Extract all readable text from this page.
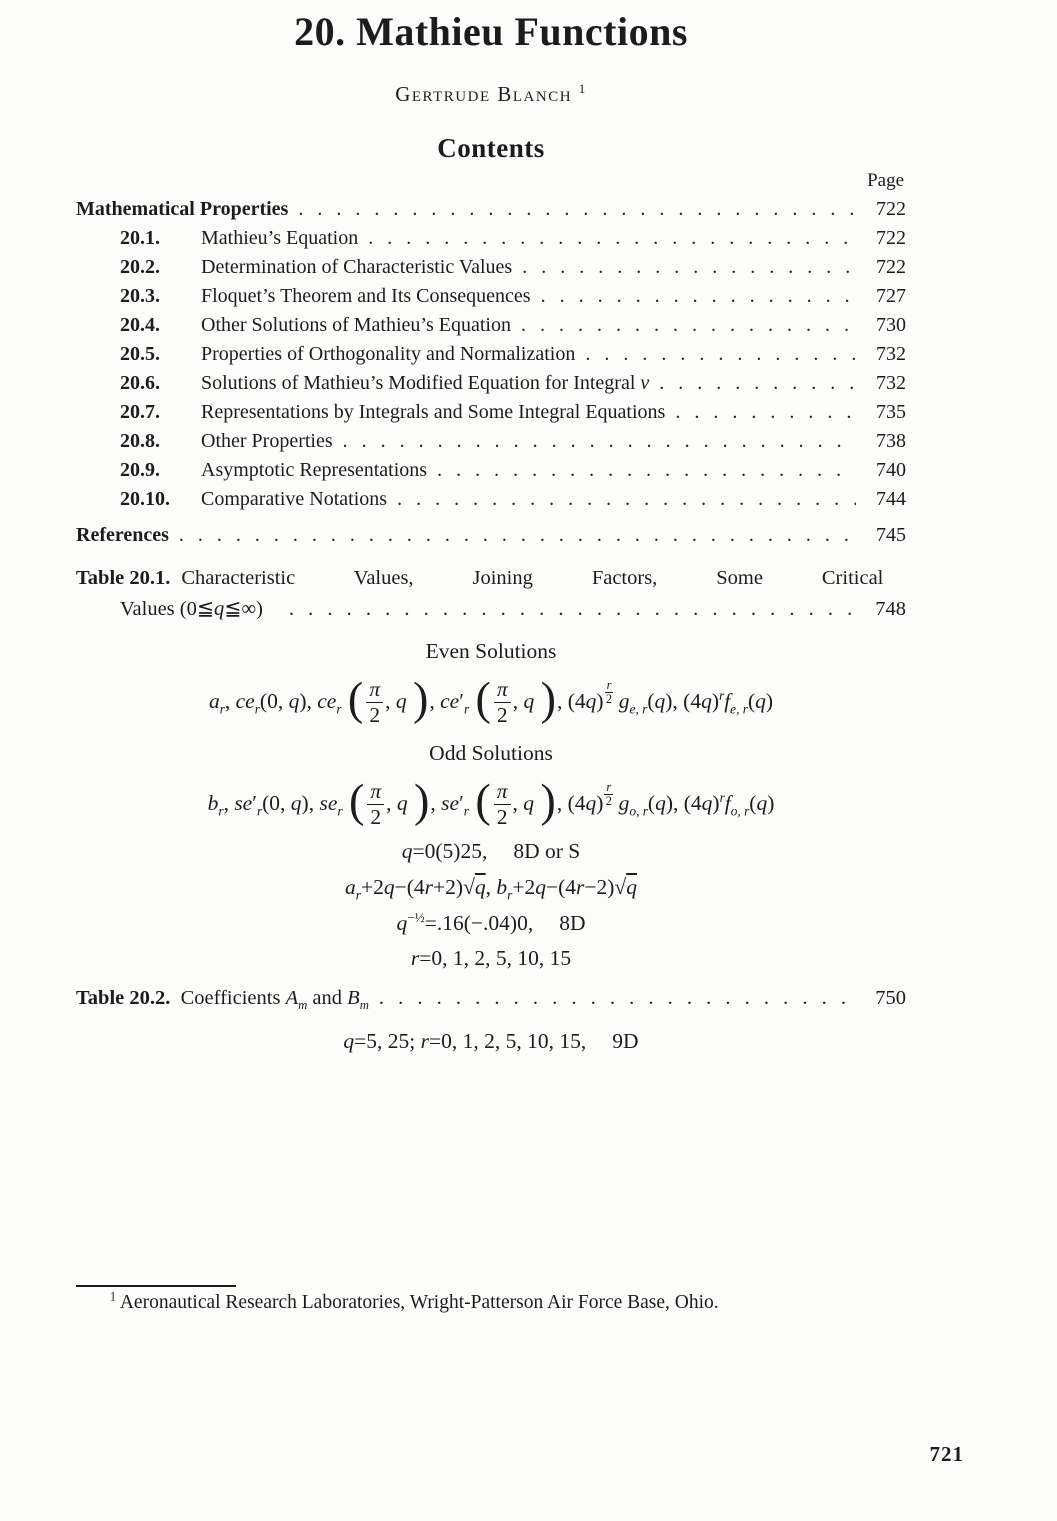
20. Mathieu Functions
Gertrude Blanch $^1$
Contents
Page
Mathematical Properties . . .	722
20.1.	Mathieu’s Equation . . .	722
20.2.	Determination of Characteristic Values . . .	722
20.3.	Floquet’s Theorem and Its Consequences . . .	727
20.4.	Other Solutions of Mathieu’s Equation . . .	730
20.5.	Properties of Orthogonality and Normalization . . .	732
20.6.	Solutions of Mathieu’s Modified Equation for Integral ν . . .	732
20.7.	Representations by Integrals and Some Integral Equations . . .	735
20.8.	Other Properties . . .	738
20.9.	Asymptotic Representations . . .	740
20.10.	Comparative Notations . . .	744
References . . .	745
Table 20.1. Characteristic Values, Joining Factors, Some Critical
Values (0≦q≦∞) . . .	748
Even Solutions
$a_r$, $ce_r(0$, q), $ce_r$ ( $\frac{\pi}{2}$ , q ), $ce'_r$ ( $\frac{\pi}{2}$ , q ), $(4q) \frac{r}{2} g_{e, r}(q)$, $(4q)^rf_{e, r}(q)$
Odd Solutions
$b_r$, $se'_r(0$, q), $se_r$ ( $\frac{\pi}{2}$ , q ), $se'_r$ ( $\frac{\pi}{2}$ , q ), $(4q) \frac{r}{2} g_{o, r}(q)$, $(4q)^rf_{o, r}(q)$
q=0(5)25, 8D or S
$a_r+2q-(4r+2)√q$, $b_r+2q-(4r-2)√q$
$q^{-\frac{1}{2}}=.16(-.04)0$, 8D
r=0, 1, 2, 5, 10, 15
Table 20.2. Coefficients $A_m$ and $B_m$ . . .	750
q=5, 25; r=0, 1, 2, 5, 10, 15, 9D
$^1$ Aeronautical Research Laboratories, Wright-Patterson Air Force Base, Ohio.
721
